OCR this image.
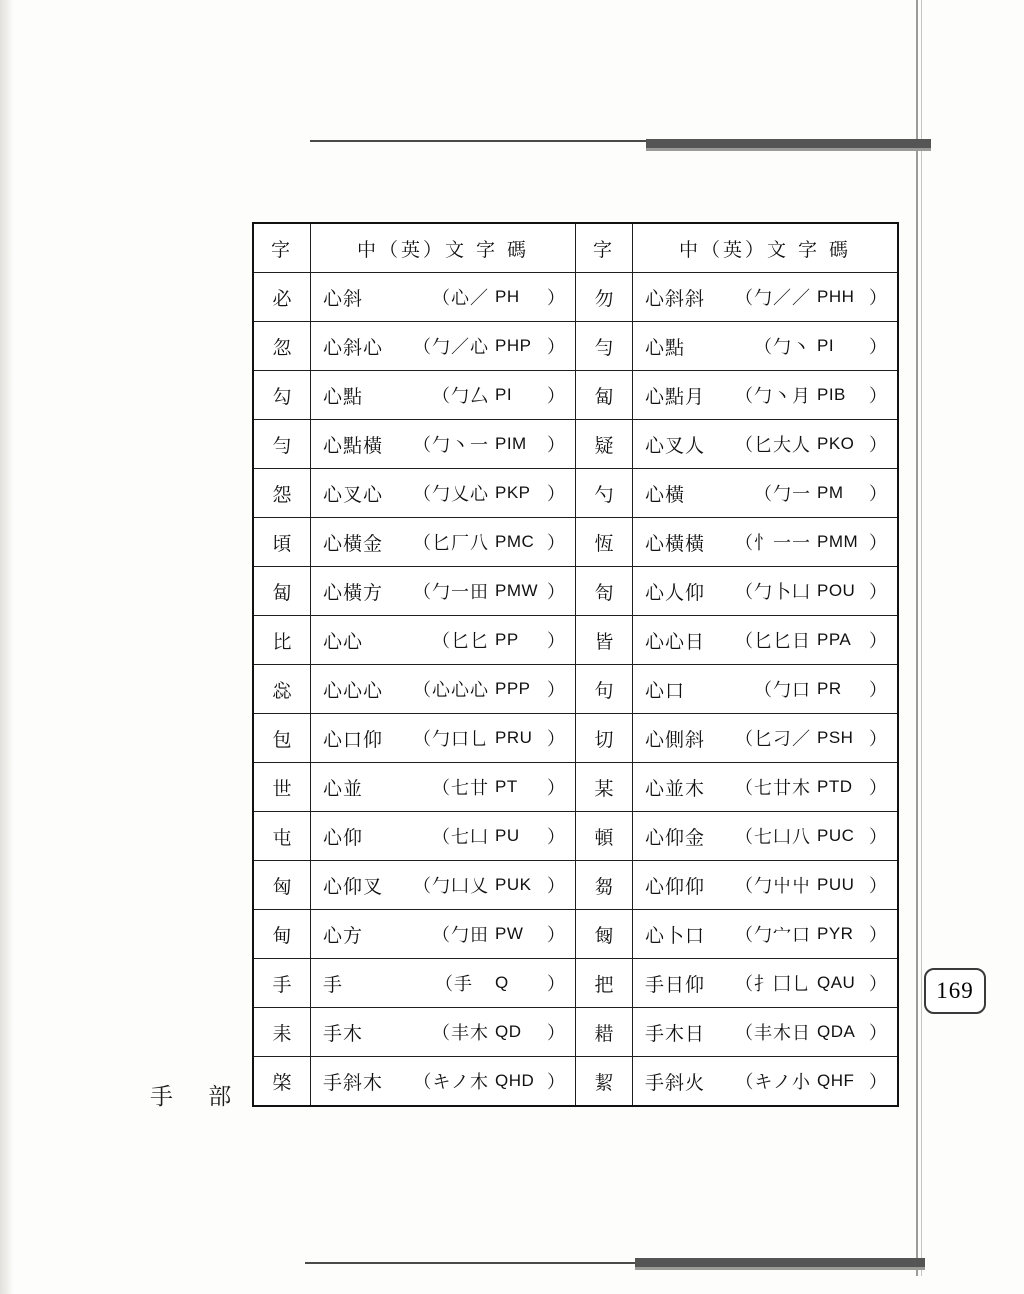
169
手 部
字	中（英）文 字 碼	字	中（英）文 字 碼
必	心斜 （心／ PH ）	勿	心斜斜 （勹／／ PHH ）

忽	心斜心 （勹／心 PHP ）	勻	心點 （勹丶 PI ）

勾	心點 （勹厶 PI ）	匐	心點月 （勹丶月 PIB ）

勻	心點橫 （勹丶一 PIM ）	疑	心叉人 （匕大人 PKO ）

怨	心叉心 （勹乂心 PKP ）	勺	心橫 （勹一 PM ）

頃	心橫金 （匕厂八 PMC ）	恆	心橫橫 （忄一一 PMM ）

匐	心橫方 （勹一田 PMW ）	匌	心人仰 （勹卜凵 POU ）

比	心心 （匕匕 PP ）	皆	心心日 （匕匕日 PPA ）

惢	心心心 （心心心 PPP ）	句	心口 （勹口 PR ）

包	心口仰 （勹口乚 PRU ）	切	心側斜 （匕刁／ PSH ）

世	心並 （七廿 PT ）	某	心並木 （七廿木 PTD ）

屯	心仰 （七凵 PU ）	頓	心仰金 （七凵八 PUC ）

匈	心仰叉 （勹凵乂 PUK ）	芻	心仰仰 （勹屮屮 PUU ）

甸	心方 （勹田 PW ）	匓	心卜口 （勹宀口 PYR ）

手	手 （手 Q ）	把	手日仰 （扌囗乚 QAU ）

耒	手木 （丰木 QD ）	耤	手木日 （丰木日 QDA ）

棨	手斜木 （キノ木 QHD ）	絜	手斜火 （キノ小 QHF ）
